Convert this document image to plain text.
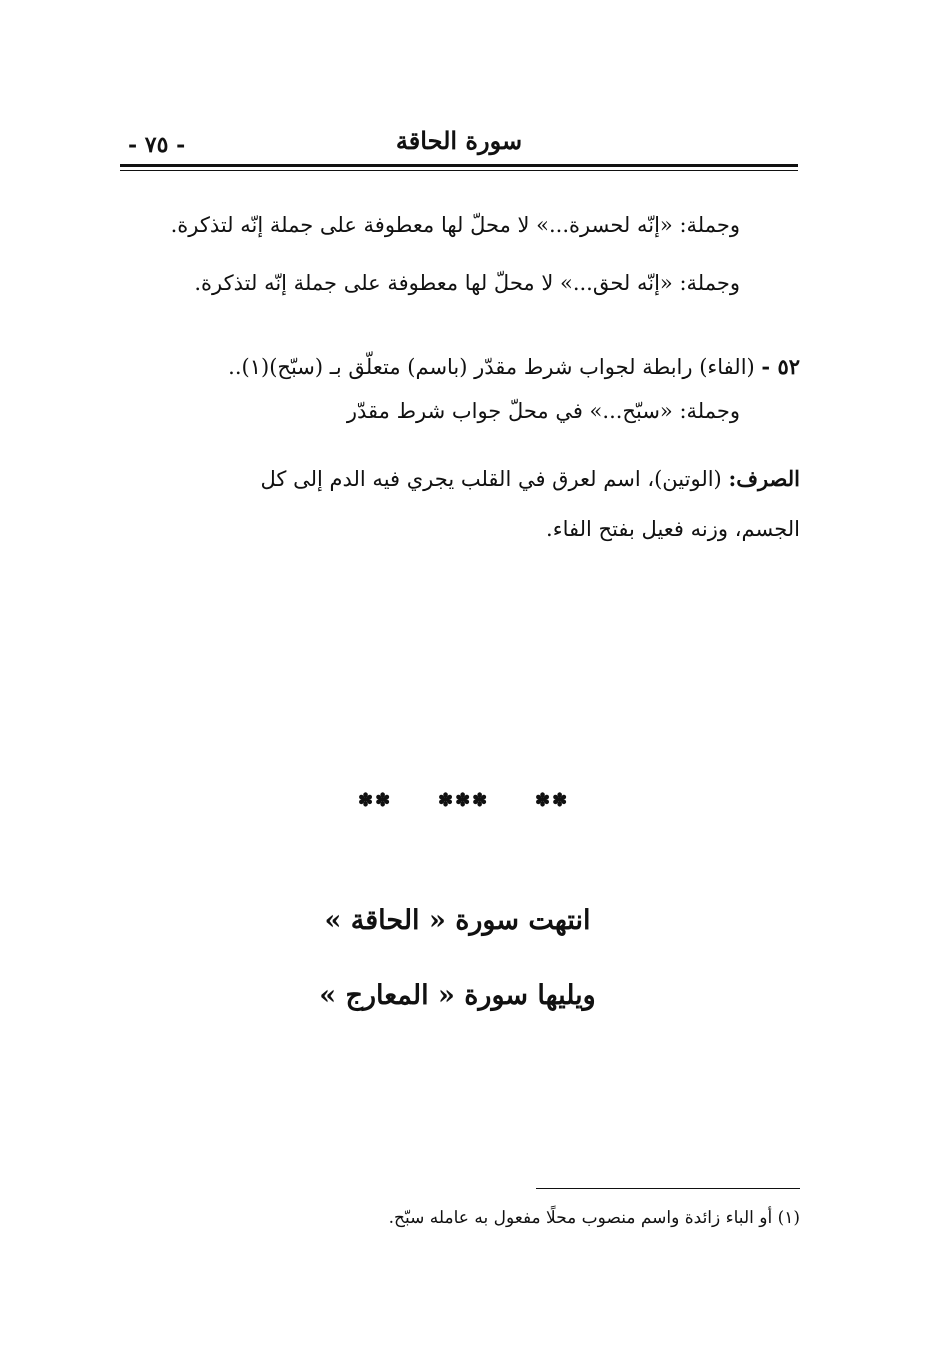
- ٧٥ -	سورة الحاقة
وجملة: «إنّه لحسرة...» لا محلّ لها معطوفة على جملة إنّه لتذكرة.
وجملة: «إنّه لحق...» لا محلّ لها معطوفة على جملة إنّه لتذكرة.
٥٢ - (الفاء) رابطة لجواب شرط مقدّر (باسم) متعلّق بـ (سبّح)(١)..
وجملة: «سبّح...» في محلّ جواب شرط مقدّر
الصرف: (الوتين)، اسم لعرق في القلب يجري فيه الدم إلى كل
الجسم، وزنه فعيل بفتح الفاء.
✽✽	✽✽✽	✽✽
انتهت سورة « الحاقة »
ويليها سورة « المعارج »
(١) أو الباء زائدة واسم منصوب محلًا مفعول به عامله سبّح.
